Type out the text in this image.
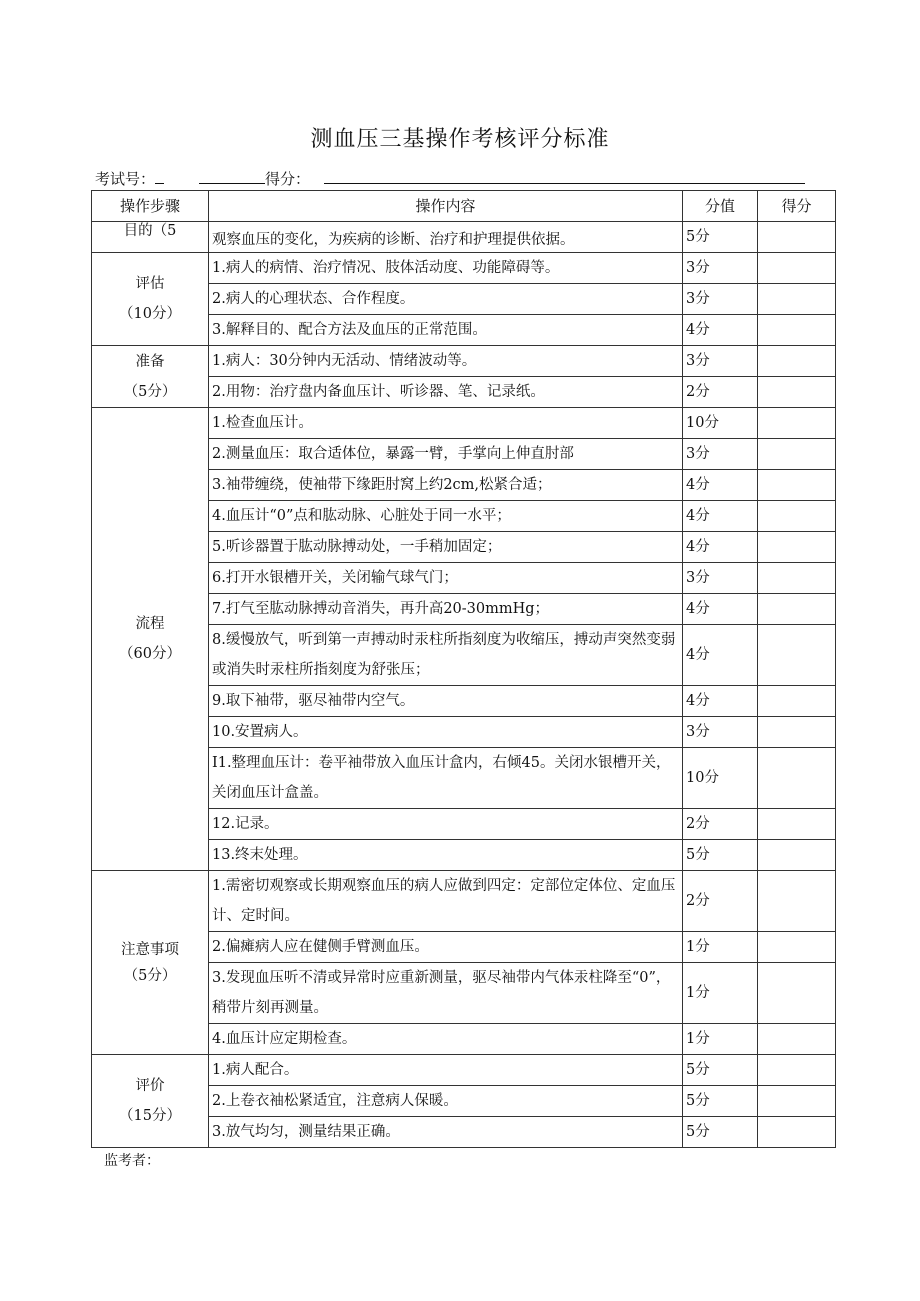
测血压三基操作考核评分标准
考试号：	得分：
操作步骤	操作内容	分值	得分

目的（5	观察血压的变化，为疾病的诊断、治疗和护理提供依据。	5分	

评估
（10分）	1.病人的病情、治疗情况、肢体活动度、功能障碍等。	3分	
	2.病人的心理状态、合作程度。	3分	
	3.解释目的、配合方法及血压的正常范围。	4分	

准备
（5分）	1.病人：30分钟内无活动、情绪波动等。	3分	
	2.用物：治疗盘内备血压计、听诊器、笔、记录纸。	2分	

流程
（60分）	1.检查血压计。	10分	
	2.测量血压：取合适体位，暴露一臂，手掌向上伸直肘部	3分	
	3.袖带缠绕，使袖带下缘距肘窝上约2cm,松紧合适；	4分	
	4.血压计“0”点和肱动脉、心脏处于同一水平；	4分	
	5.听诊器置于肱动脉搏动处，一手稍加固定；	4分	
	6.打开水银槽开关，关闭输气球气门；	3分	
	7.打气至肱动脉搏动音消失，再升高20-30mmHg；	4分	
	8.缓慢放气，听到第一声搏动时汞柱所指刻度为收缩压，搏动声突然变弱或消失时汞柱所指刻度为舒张压；	4分	
	9.取下袖带，驱尽袖带内空气。	4分	
	10.安置病人。	3分	
	I1.整理血压计：卷平袖带放入血压计盒内，右倾45。关闭水银槽开关，关闭血压计盒盖。	10分	
	12.记录。	2分	
	13.终末处理。	5分	

注意事项
（5分）	1.需密切观察或长期观察血压的病人应做到四定：定部位定体位、定血压计、定时间。	2分	
	2.偏瘫病人应在健侧手臂测血压。	1分	
	3.发现血压听不清或异常时应重新测量，驱尽袖带内气体汞柱降至“0”，稍带片刻再测量。	1分	
	4.血压计应定期检查。	1分	

评价
（15分）	1.病人配合。	5分	
	2.上卷衣袖松紧适宜，注意病人保暖。	5分	
	3.放气均匀，测量结果正确。	5分	
监考者：
